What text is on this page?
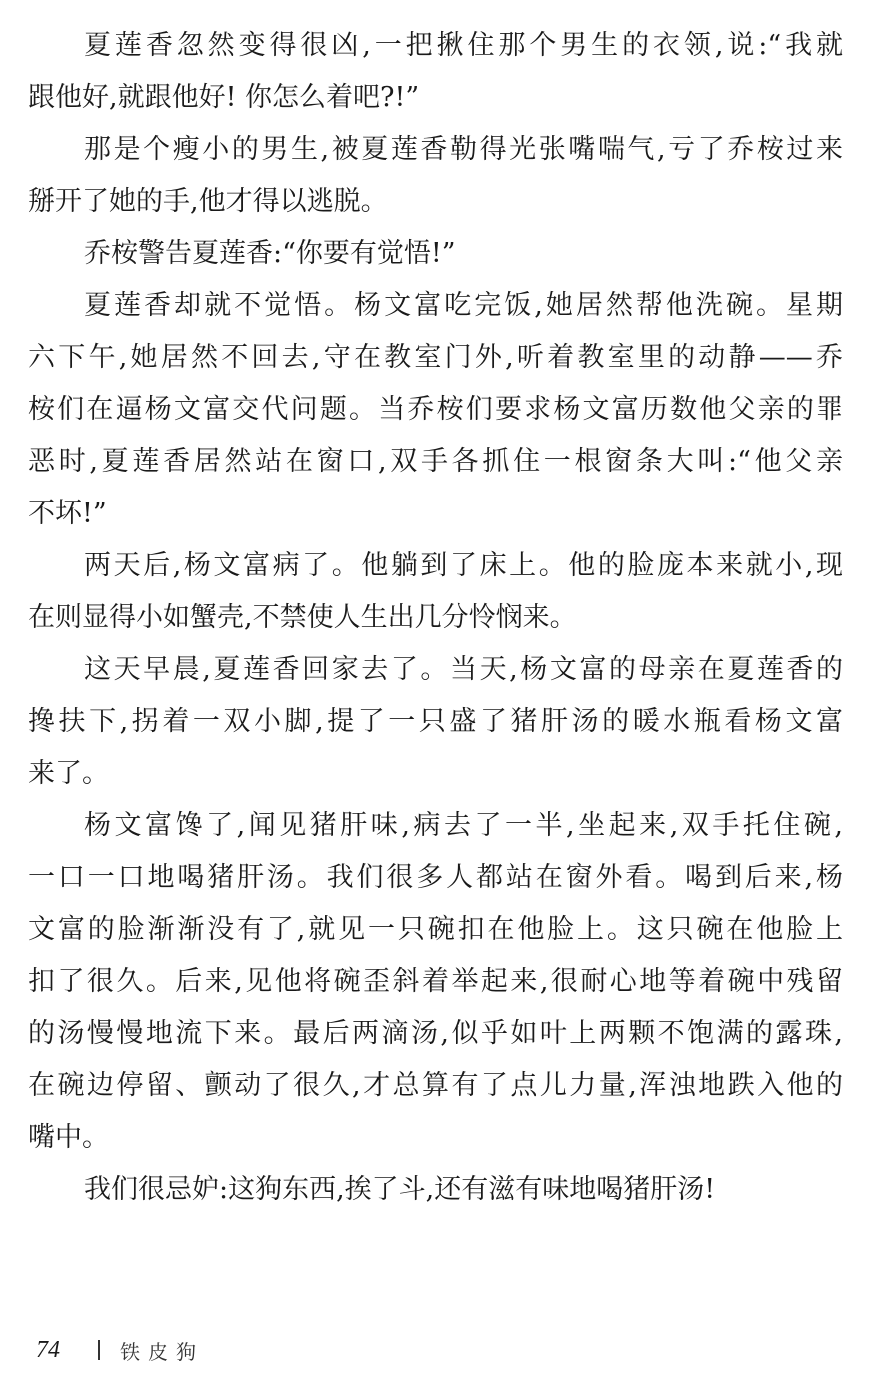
夏莲香忽然变得很凶,一把揪住那个男生的衣领,说:“我就
跟他好,就跟他好! 你怎么着吧?!”
那是个瘦小的男生,被夏莲香勒得光张嘴喘气,亏了乔桉过来
掰开了她的手,他才得以逃脱。
乔桉警告夏莲香:“你要有觉悟!”
夏莲香却就不觉悟。杨文富吃完饭,她居然帮他洗碗。星期
六下午,她居然不回去,守在教室门外,听着教室里的动静——乔
桉们在逼杨文富交代问题。当乔桉们要求杨文富历数他父亲的罪
恶时,夏莲香居然站在窗口,双手各抓住一根窗条大叫:“他父亲
不坏!”
两天后,杨文富病了。他躺到了床上。他的脸庞本来就小,现
在则显得小如蟹壳,不禁使人生出几分怜悯来。
这天早晨,夏莲香回家去了。当天,杨文富的母亲在夏莲香的
搀扶下,拐着一双小脚,提了一只盛了猪肝汤的暖水瓶看杨文富
来了。
杨文富馋了,闻见猪肝味,病去了一半,坐起来,双手托住碗,
一口一口地喝猪肝汤。我们很多人都站在窗外看。喝到后来,杨
文富的脸渐渐没有了,就见一只碗扣在他脸上。这只碗在他脸上
扣了很久。后来,见他将碗歪斜着举起来,很耐心地等着碗中残留
的汤慢慢地流下来。最后两滴汤,似乎如叶上两颗不饱满的露珠,
在碗边停留、颤动了很久,才总算有了点儿力量,浑浊地跌入他的
嘴中。
我们很忌妒:这狗东西,挨了斗,还有滋有味地喝猪肝汤!
74	铁皮狗
